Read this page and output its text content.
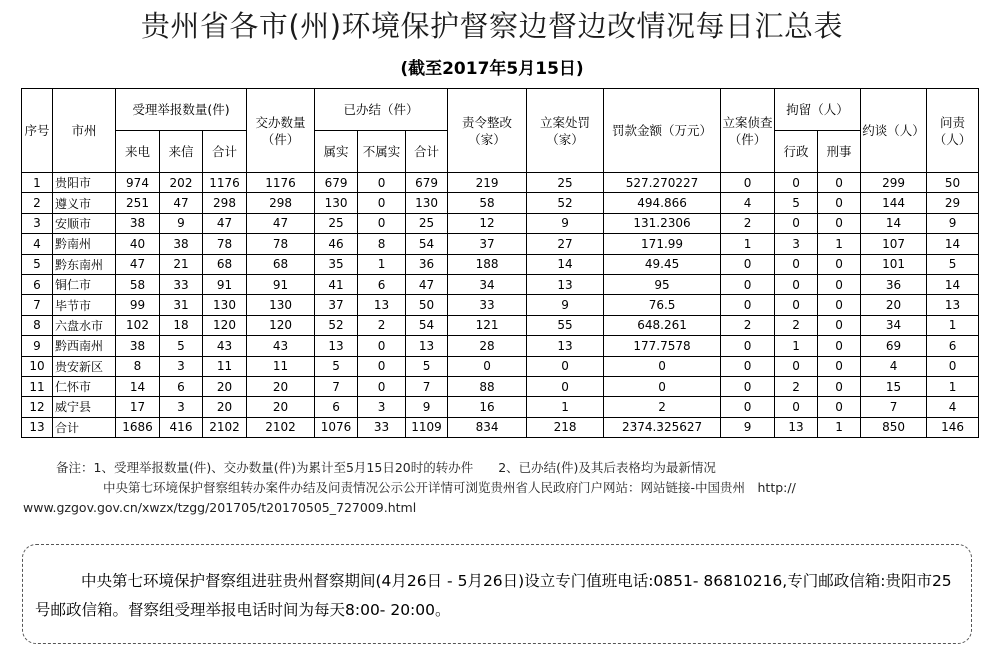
贵州省各市(州)环境保护督察边督边改情况每日汇总表
(截至2017年5月15日)
序号	市州	受理举报数量(件)			交办数量（件）	已办结（件）			责令整改（家）	立案处罚（家）	罚款金额（万元）	立案侦查（件）	拘留（人）		约谈（人）	问责（人）
		来电	来信	合计		属实	不属实	合计					行政	刑事		
1	贵阳市	974	202	1176	1176	679	0	679	219	25	527.270227	0	0	0	299	50
2	遵义市	251	47	298	298	130	0	130	58	52	494.866	4	5	0	144	29
3	安顺市	38	9	47	47	25	0	25	12	9	131.2306	2	0	0	14	9
4	黔南州	40	38	78	78	46	8	54	37	27	171.99	1	3	1	107	14
5	黔东南州	47	21	68	68	35	1	36	188	14	49.45	0	0	0	101	5
6	铜仁市	58	33	91	91	41	6	47	34	13	95	0	0	0	36	14
7	毕节市	99	31	130	130	37	13	50	33	9	76.5	0	0	0	20	13
8	六盘水市	102	18	120	120	52	2	54	121	55	648.261	2	2	0	34	1
9	黔西南州	38	5	43	43	13	0	13	28	13	177.7578	0	1	0	69	6
10	贵安新区	8	3	11	11	5	0	5	0	0	0	0	0	0	4	0
11	仁怀市	14	6	20	20	7	0	7	88	0	0	0	2	0	15	1
12	威宁县	17	3	20	20	6	3	9	16	1	2	0	0	0	7	4
13	合计	1686	416	2102	2102	1076	33	1109	834	218	2374.325627	9	13	1	850	146
备注：1、受理举报数量(件)、交办数量(件)为累计至5月15日20时的转办件　　2、已办结(件)及其后表格均为最新情况
中央第七环境保护督察组转办案件办结及问责情况公示公开详情可浏览贵州省人民政府门户网站：网站链接-中国贵州　http://
www.gzgov.gov.cn/xwzx/tzgg/201705/t20170505_727009.html
中央第七环境保护督察组进驻贵州督察期间(4月26日 - 5月26日)设立专门值班电话:0851- 86810216,专门邮政信箱:贵阳市25号邮政信箱。督察组受理举报电话时间为每天8:00- 20:00。
